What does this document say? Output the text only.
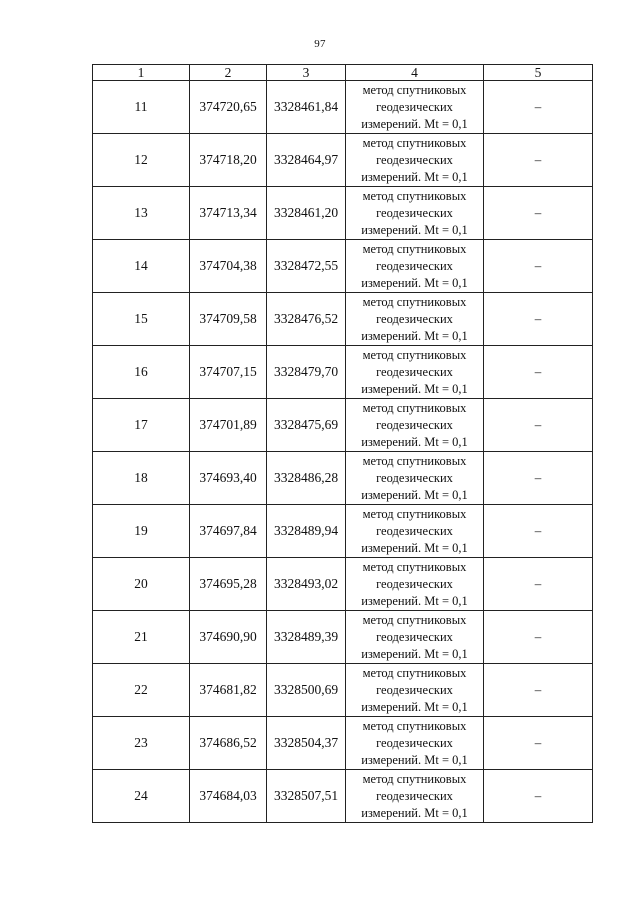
97
1	2	3	4	5
11	374720,65	3328461,84	метод спутниковых
геодезических
измерений. Mt = 0,1	–
12	374718,20	3328464,97	метод спутниковых
геодезических
измерений. Mt = 0,1	–
13	374713,34	3328461,20	метод спутниковых
геодезических
измерений. Mt = 0,1	–
14	374704,38	3328472,55	метод спутниковых
геодезических
измерений. Mt = 0,1	–
15	374709,58	3328476,52	метод спутниковых
геодезических
измерений. Mt = 0,1	–
16	374707,15	3328479,70	метод спутниковых
геодезических
измерений. Mt = 0,1	–
17	374701,89	3328475,69	метод спутниковых
геодезических
измерений. Mt = 0,1	–
18	374693,40	3328486,28	метод спутниковых
геодезических
измерений. Mt = 0,1	–
19	374697,84	3328489,94	метод спутниковых
геодезических
измерений. Mt = 0,1	–
20	374695,28	3328493,02	метод спутниковых
геодезических
измерений. Mt = 0,1	–
21	374690,90	3328489,39	метод спутниковых
геодезических
измерений. Mt = 0,1	–
22	374681,82	3328500,69	метод спутниковых
геодезических
измерений. Mt = 0,1	–
23	374686,52	3328504,37	метод спутниковых
геодезических
измерений. Mt = 0,1	–
24	374684,03	3328507,51	метод спутниковых
геодезических
измерений. Mt = 0,1	–
